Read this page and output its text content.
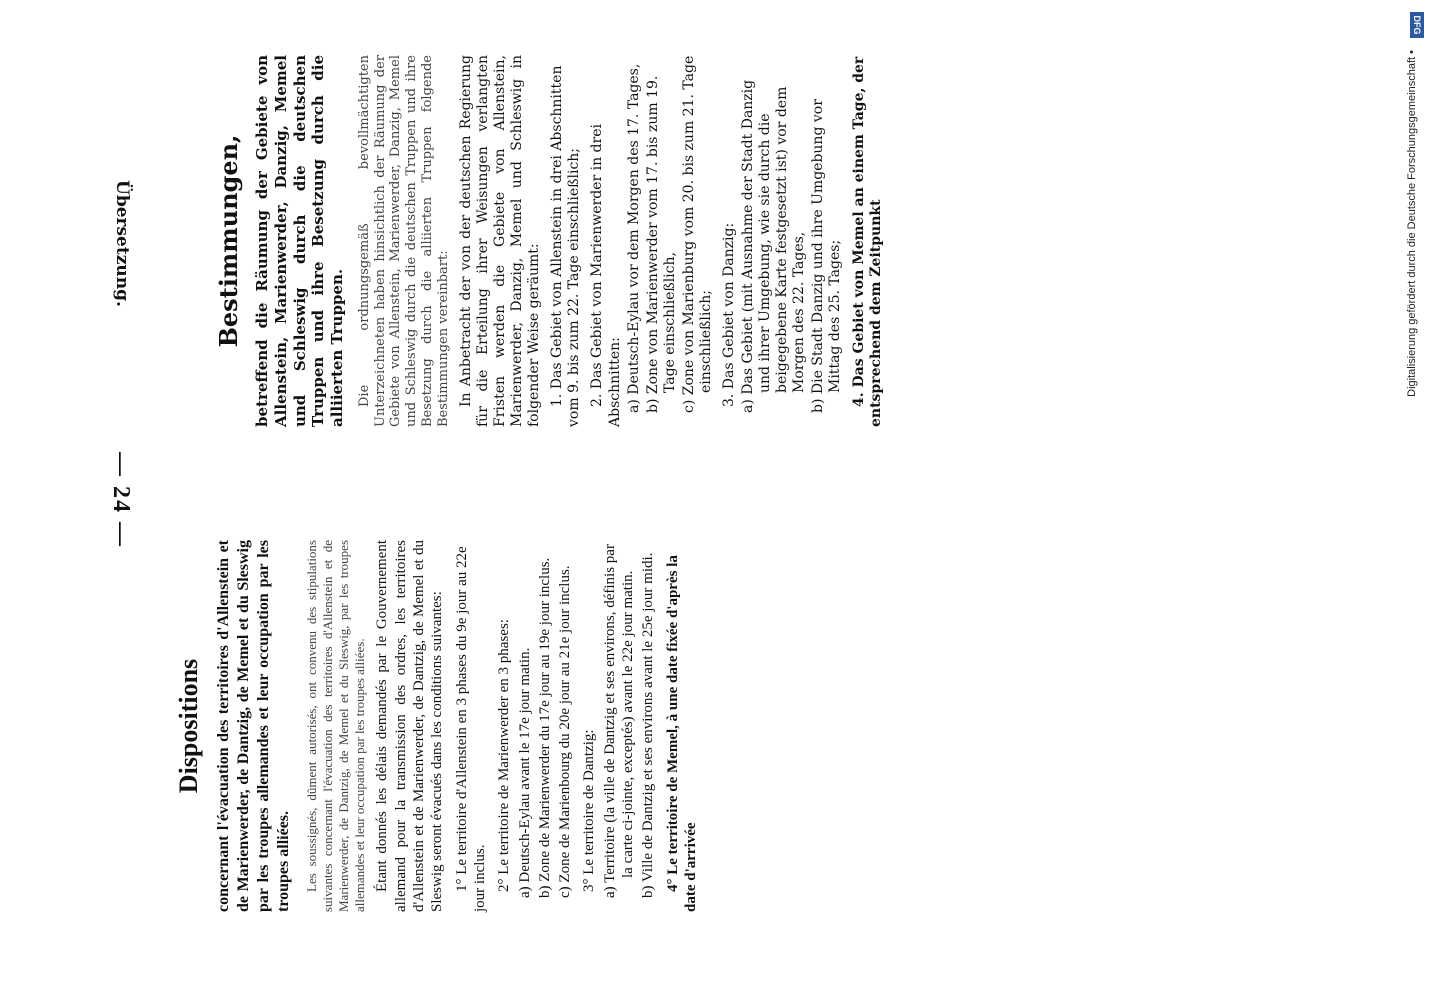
DFG
Digitalisierung gefördert durch die Deutsche Forschungsgemeinschaft •
Übersetzung.
— 24 —
Dispositions concernant l'évacuation des territoires d'Allenstein et de Marienwerder, de Dantzig, de Memel et du Sleswig par les troupes allemandes et leur occupation par les troupes alliées. Les soussignés, dûment autorisés, ont convenu des stipulations suivantes concernant l'évacuation des territoires d'Allenstein et de Marienwerder, de Dantzig, de Memel et du Sleswig, par les troupes allemandes et leur occupation par les troupes alliées. Étant donnés les délais demandés par le Gouvernement allemand pour la transmission des ordres, les territoires d'Allenstein et de Marienwerder, de Dantzig, de Memel et du Sleswig seront évacués dans les conditions suivantes: 1° Le territoire d'Allenstein en 3 phases du 9e jour au 22e jour inclus. 2° Le territoire de Marienwerder en 3 phases: a) Deutsch-Eylau avant le 17e jour matin. b) Zone de Marienwerder du 17e jour au 19e jour inclus. c) Zone de Marienbourg du 20e jour au 21e jour inclus. 3° Le territoire de Dantzig: a) Territoire (la ville de Dantzig et ses environs, définis par la carte ci-jointe, exceptés) avant le 22e jour matin. b) Ville de Dantzig et ses environs avant le 25e jour midi. 4° Le territoire de Memel, à une date fixée d'après la date d'arrivée
Bestimmungen, betreffend die Räumung der Gebiete von Allenstein, Marienwerder, Danzig, Memel und Schleswig durch die deutschen Truppen und ihre Besetzung durch die alliierten Truppen. Die ordnungsgemäß bevollmächtigten Unterzeichneten haben hinsichtlich der Räumung der Gebiete von Allenstein, Marienwerder, Danzig, Memel und Schleswig durch die deutschen Truppen und ihre Besetzung durch die alliierten Truppen folgende Bestimmungen vereinbart: In Anbetracht der von der deutschen Regierung für die Erteilung ihrer Weisungen verlangten Fristen werden die Gebiete von Allenstein, Marienwerder, Danzig, Memel und Schleswig in folgender Weise geräumt: 1. Das Gebiet von Allenstein in drei Abschnitten vom 9. bis zum 22. Tage einschließlich; 2. Das Gebiet von Marienwerder in drei Abschnitten: a) Deutsch-Eylau vor dem Morgen des 17. Tages, b) Zone von Marienwerder vom 17. bis zum 19. Tage einschließlich, c) Zone von Marienburg vom 20. bis zum 21. Tage einschließlich; 3. Das Gebiet von Danzig: a) Das Gebiet (mit Ausnahme der Stadt Danzig und ihrer Umgebung, wie sie durch die beigegebene Karte festgesetzt ist) vor dem Morgen des 22. Tages, b) Die Stadt Danzig und ihre Umgebung vor Mittag des 25. Tages; 4. Das Gebiet von Memel an einem Tage, der entsprechend dem Zeitpunkt
